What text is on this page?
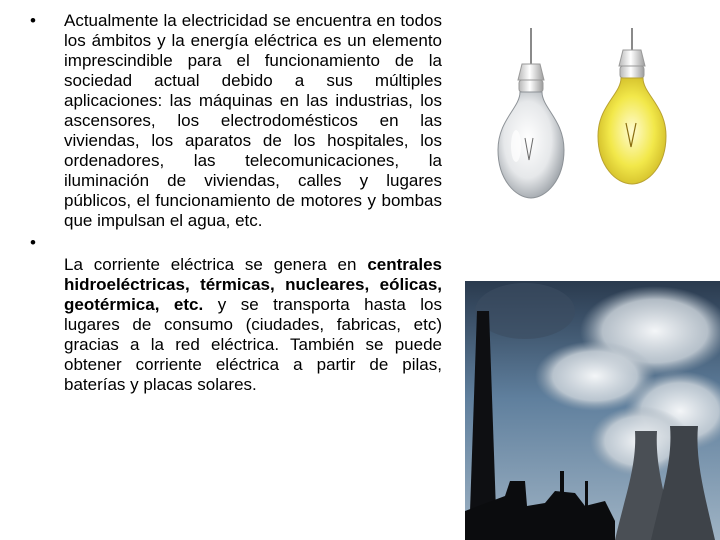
•	Actualmente la electricidad se encuentra en todos los ámbitos y la energía eléctrica es un elemento imprescindible para el funcionamiento de la sociedad actual debido a sus múltiples aplicaciones: las máquinas en las industrias, los ascensores, los electrodomésticos en las viviendas, los aparatos de los hospitales, los ordenadores, las telecomunicaciones, la iluminación de viviendas, calles y lugares públicos, el funcionamiento de motores y bombas que impulsan el agua, etc.
•
La corriente eléctrica se genera en centrales hidroeléctricas, térmicas, nucleares, eólicas, geotérmica, etc. y se transporta hasta los lugares de consumo (ciudades, fabricas, etc) gracias a la red eléctrica. También se puede obtener corriente eléctrica a partir de pilas, baterías y placas solares.
